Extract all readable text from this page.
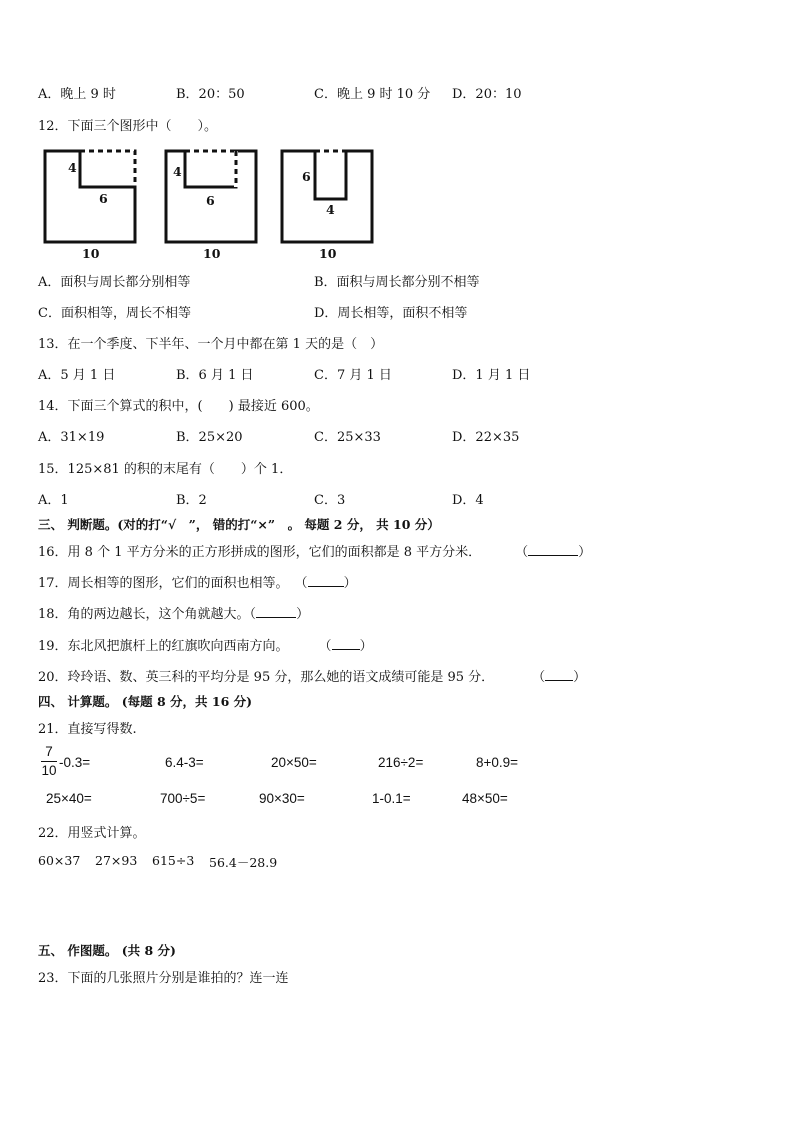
A．晚上 9 时	B．20：50	C．晚上 9 时 10 分 D．20：10
12．下面三个图形中（　　）。
4
6
10
4
6
10
6
4
10
A．面积与周长都分别相等	B．面积与周长都分别不相等
C．面积相等，周长不相等	D．周长相等，面积不相等
13．在一个季度、下半年、一个月中都在第 1 天的是（　）
A．5 月 1 日	B．6 月 1 日	C．7 月 1 日	D．1 月 1 日
14．下面三个算式的积中，(　　) 最接近 600。
A．31×19	B．25×20	C．25×33	D．22×35
15．125×81 的积的末尾有（　　）个 1．
A．1	B．2	C．3	D．4
三、 判断题。(对的打“√　”， 错的打“×”　。 每题 2 分， 共 10 分）
16．用 8 个 1 平方分米的正方形拼成的图形，它们的面积都是 8 平方分米．	（	）
17．周长相等的图形，它们的面积也相等。 （	）
18．角的两边越长，这个角就越大。（	）
19．东北风把旗杆上的红旗吹向西南方向。 （ ）
20．玲玲语、数、英三科的平均分是 95 分，那么她的语文成绩可能是 95 分．	（ ）
四、 计算题。 (每题 8 分，共 16 分)
21．直接写得数.
7
10
-0.3=	6.4-3=	20×50=	216÷2=	8+0.9=
25×40=	700÷5=	90×30=	1-0.1=	48×50=
22．用竖式计算。
60×37 27×93 615÷3 56.4－28.9
五、 作图题。 (共 8 分)
23．下面的几张照片分别是谁拍的？连一连
